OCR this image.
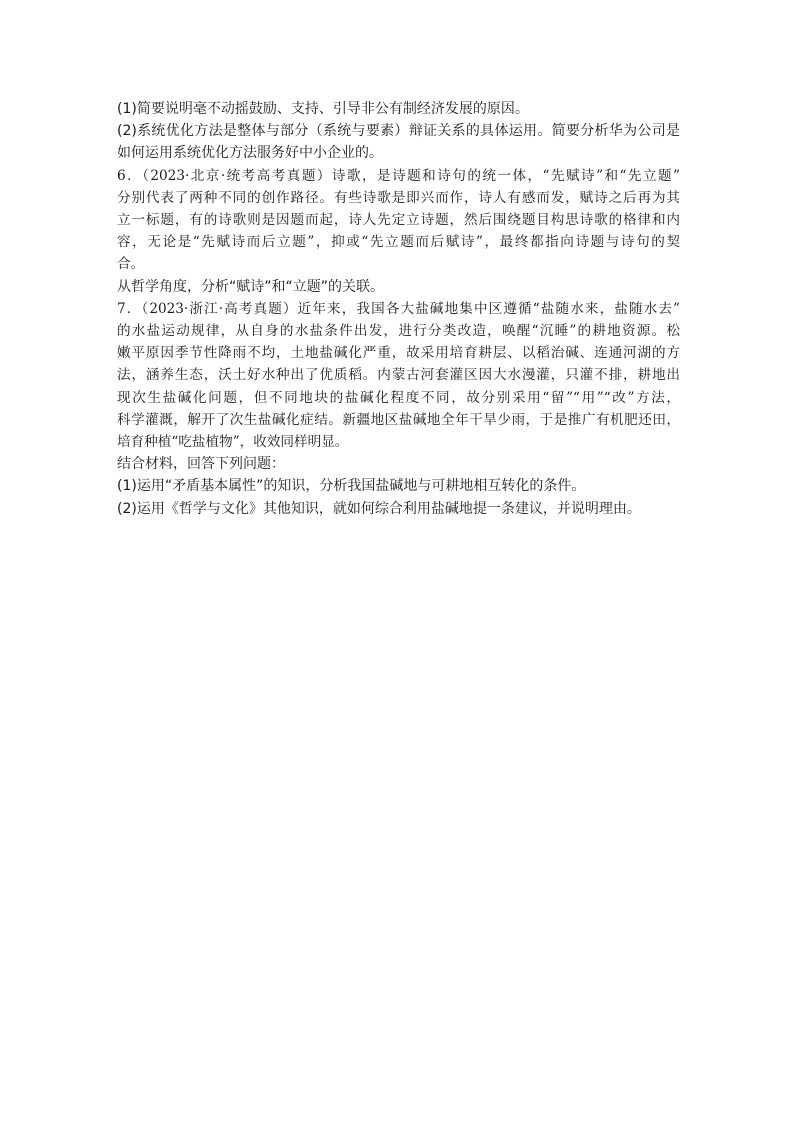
(1)简要说明毫不动摇鼓励、支持、引导非公有制经济发展的原因。
(2)系统优化方法是整体与部分（系统与要素）辩证关系的具体运用。简要分析华为公司是
如何运用系统优化方法服务好中小企业的。
6．（2023·北京·统考高考真题）诗歌，是诗题和诗句的统一体，“先赋诗”和“先立题”
分别代表了两种不同的创作路径。有些诗歌是即兴而作，诗人有感而发，赋诗之后再为其
立一标题，有的诗歌则是因题而起，诗人先定立诗题，然后围绕题目构思诗歌的格律和内
容，无论是“先赋诗而后立题”，抑或“先立题而后赋诗”，最终都指向诗题与诗句的契
合。
从哲学角度，分析“赋诗”和“立题”的关联。
7．（2023·浙江·高考真题）近年来，我国各大盐碱地集中区遵循“盐随水来，盐随水去”
的水盐运动规律，从自身的水盐条件出发，进行分类改造，唤醒“沉睡”的耕地资源。松
嫩平原因季节性降雨不均，土地盐碱化严重，故采用培育耕层、以稻治碱、连通河湖的方
法，涵养生态，沃土好水种出了优质稻。内蒙古河套灌区因大水漫灌，只灌不排，耕地出
现次生盐碱化问题，但不同地块的盐碱化程度不同，故分别采用“留”“用”“改”方法，
科学灌溉，解开了次生盐碱化症结。新疆地区盐碱地全年干旱少雨，于是推广有机肥还田，
培育种植“吃盐植物”，收效同样明显。
结合材料，回答下列问题：
(1)运用“矛盾基本属性”的知识，分析我国盐碱地与可耕地相互转化的条件。
(2)运用《哲学与文化》其他知识，就如何综合利用盐碱地提一条建议，并说明理由。
